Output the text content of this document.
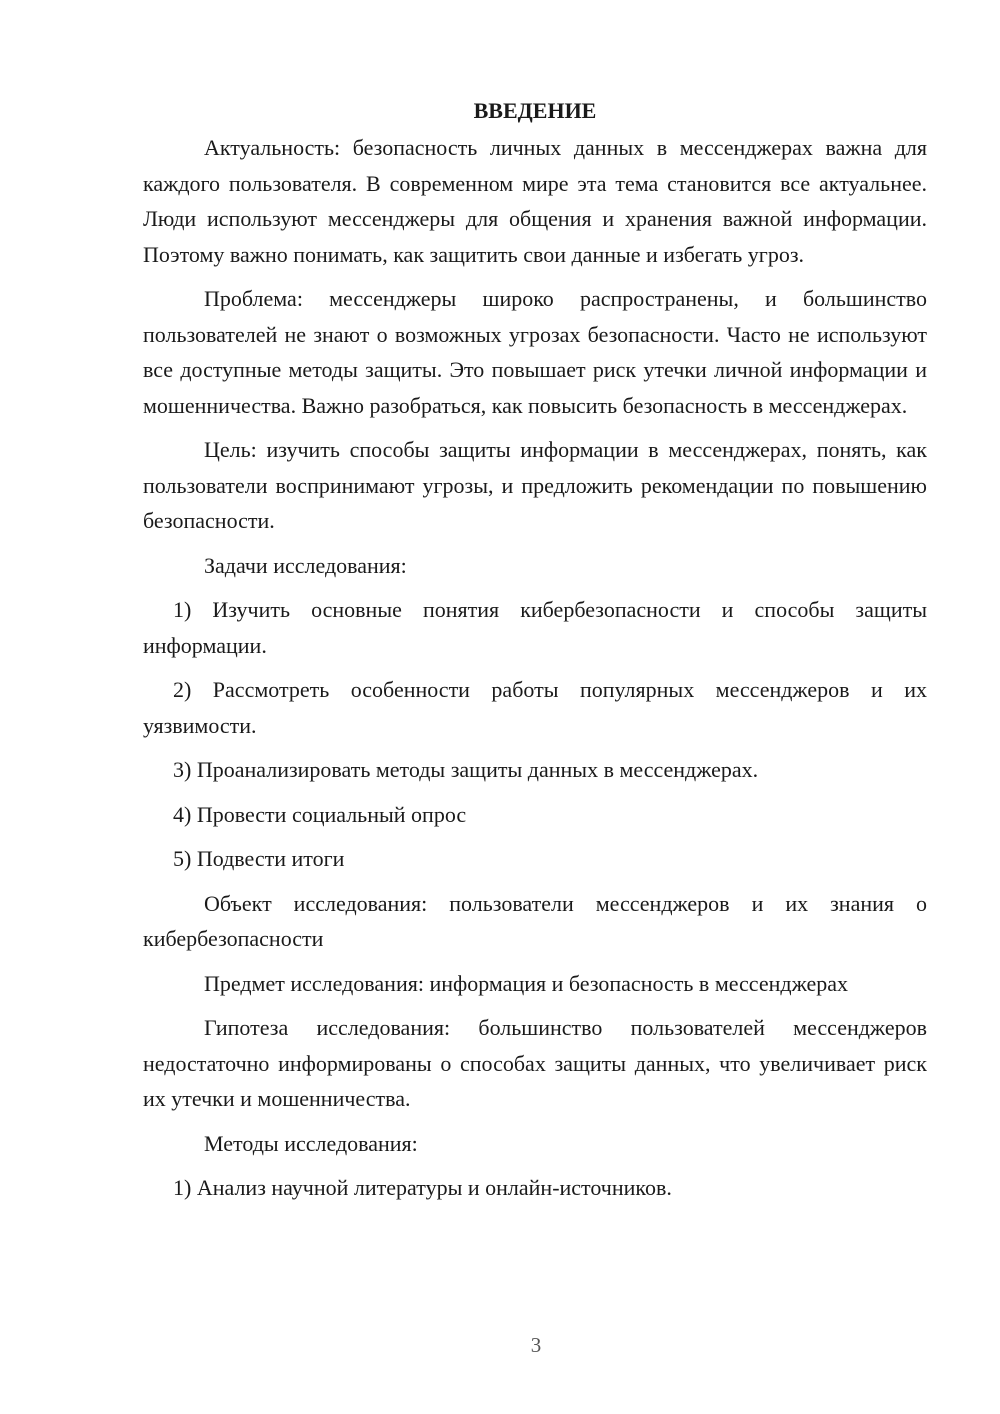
ВВЕДЕНИЕ

Актуальность: безопасность личных данных в мессенджерах важна для каждого пользователя. В современном мире эта тема становится все актуальнее. Люди используют мессенджеры для общения и хранения важной информации. Поэтому важно понимать, как защитить свои данные и избегать угроз.

Проблема: мессенджеры широко распространены, и большинство пользователей не знают о возможных угрозах безопасности. Часто не используют все доступные методы защиты. Это повышает риск утечки личной информации и мошенничества. Важно разобраться, как повысить безопасность в мессенджерах.

Цель: изучить способы защиты информации в мессенджерах, понять, как пользователи воспринимают угрозы, и предложить рекомендации по повышению безопасности.

Задачи исследования:

1) Изучить основные понятия кибербезопасности и способы защиты информации.

2) Рассмотреть особенности работы популярных мессенджеров и их уязвимости.

3) Проанализировать методы защиты данных в мессенджерах.

4) Провести социальный опрос

5) Подвести итоги

Объект исследования: пользователи мессенджеров и их знания о кибербезопасности

Предмет исследования: информация и безопасность в мессенджерах

Гипотеза исследования: большинство пользователей мессенджеров недостаточно информированы о способах защиты данных, что увеличивает риск их утечки и мошенничества.

Методы исследования:

1) Анализ научной литературы и онлайн-источников.

3
